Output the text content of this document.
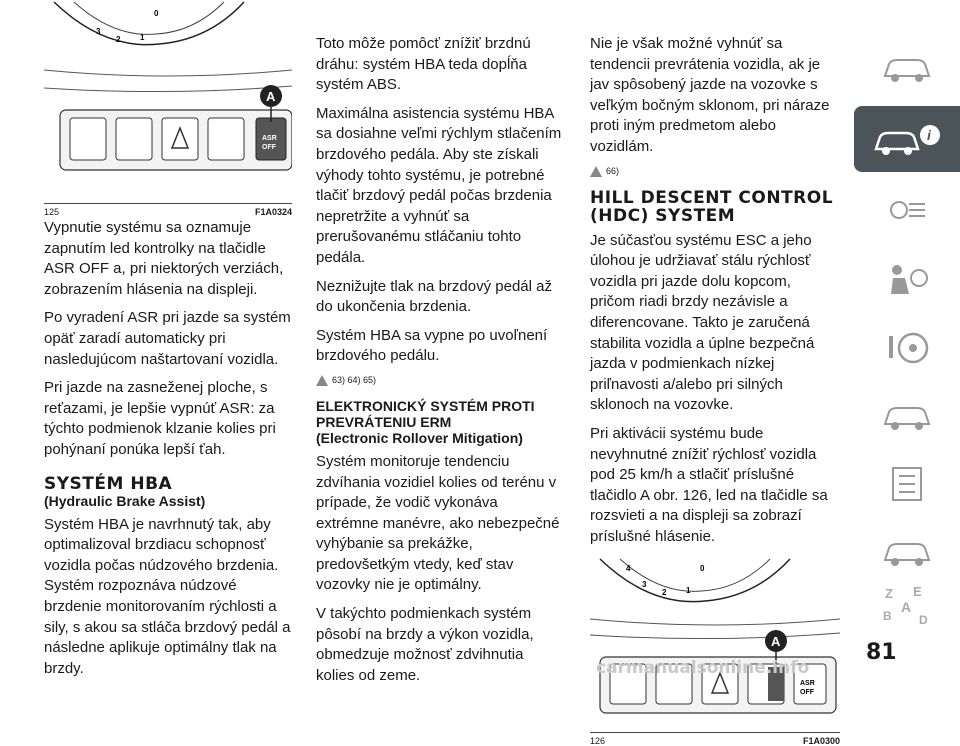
3
2 1
0
ASR
OFF
A
125	F1A0324

Vypnutie systému sa oznamuje zapnutím led kontrolky na tlačidle ASR OFF a, pri niektorých verziách, zobrazením hlásenia na displeji.

Po vyradení ASR pri jazde sa systém opäť zaradí automaticky pri nasledujúcom naštartovaní vozidla.

Pri jazde na zasneženej ploche, s reťazami, je lepšie vypnúť ASR: za týchto podmienok klzanie kolies pri pohýnaní ponúka lepší ťah.

SYSTÉM HBA
(Hydraulic Brake Assist)

Systém HBA je navrhnutý tak, aby optimalizoval brzdiacu schopnosť vozidla počas núdzového brzdenia. Systém rozpoznáva núdzové brzdenie monitorovaním rýchlosti a sily, s akou sa stláča brzdový pedál a následne aplikuje optimálny tlak na brzdy.

Toto môže pomôcť znížiť brzdnú dráhu: systém HBA teda dopĺňa systém ABS.

Maximálna asistencia systému HBA sa dosiahne veľmi rýchlym stlačením brzdového pedála. Aby ste získali výhody tohto systému, je potrebné tlačiť brzdový pedál počas brzdenia nepretržite a vyhnúť sa prerušovanému stláčaniu tohto pedála.

Neznižujte tlak na brzdový pedál až do ukončenia brzdenia.

Systém HBA sa vypne po uvoľnení brzdového pedálu.

63) 64) 65)
ELEKTRONICKÝ SYSTÉM PROTI PREVRÁTENIU ERM
(Electronic Rollover Mitigation)

Systém monitoruje tendenciu zdvíhania vozidiel kolies od terénu v prípade, že vodič vykonáva extrémne manévre, ako nebezpečné vyhýbanie sa prekážke, predovšetkým vtedy, keď stav vozovky nie je optimálny.

V takýchto podmienkach systém pôsobí na brzdy a výkon vozidla, obmedzuje možnosť zdvihnutia kolies od zeme.

Nie je však možné vyhnúť sa tendencii prevrátenia vozidla, ak je jav spôsobený jazde na vozovke s veľkým bočným sklonom, pri náraze proti iným predmetom alebo vozidlám.

66)
HILL DESCENT CONTROL (HDC) SYSTEM

Je súčasťou systému ESC a jeho úlohou je udržiavať stálu rýchlosť vozidla pri jazde dolu kopcom, pričom riadi brzdy nezávisle a diferencovane. Takto je zaručená stabilita vozidla a úplne bezpečná jazda v podmienkach nízkej priľnavosti a/alebo pri silných sklonoch na vozovke.

Pri aktivácii systému bude nevyhnutné znížiť rýchlosť vozidla pod 25 km/h a stlačiť príslušné tlačidlo A obr. 126, led na tlačidle sa rozsvieti a na displeji sa zobrazí príslušné hlásenie.

4
3
2 1
0
ASR
OFF
A
126	F1A0300
i
Z E
A
B D
81
carmanualsonline.info
